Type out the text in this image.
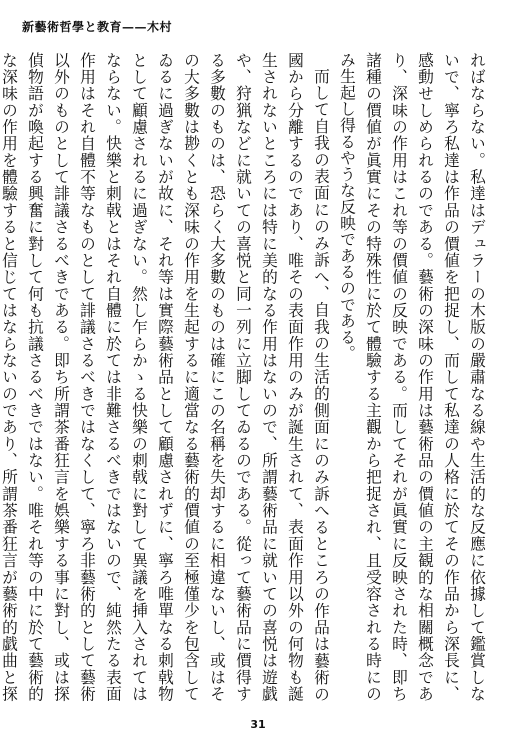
新藝術哲學と教育——木村

ればならない。私達はデュラーの木版の嚴肅なる線や生活的な反應に依據して鑑賞しないで、寧ろ私達は作品の價値を把捉し、而して私達の人格に於てその作品から深長に、感動せしめられるのである。藝術の深味の作用は藝術品の價値の主観的な相關概念であり、深味の作用はこれ等の價値の反映である。而してそれが眞實に反映された時、即ち諸種の價値が眞實にその特殊性に於て體驗する主觀から把捉され、且受容される時にのみ生起し得るやうな反映であるのである。

而して自我の表面にのみ訴へ、自我の生活的側面にのみ訴へるところの作品は藝術の國から分離するのであり、唯その表面作用のみが誕生されて、表面作用以外の何物も誕生されないところには特に美的なる作用はないので、所謂藝術品に就いての喜悦は遊戯や、狩猟などに就いての喜悦と同一列に立脚してゐるのである。從って藝術品に價得する多數のものは、恐らく大多數のものは確にこの名稱を失却するに相違ないし、或はその大多數は尠くとも深味の作用を生起するに適當なる藝術的價値の至極僅少を包含してゐるに過ぎないが故に、それ等は實際藝術品として顧慮されずに、寧ろ唯單なる刺戟物として顧慮されるに過ぎない。然し乍らかゝる快樂の刺戟に對して異議を挿入されてはならない。快樂と刺戟とはそれ自體に於ては非難さるべきではないので、純然たる表面作用はそれ自體不等なものとして誹議さるべきではなくして、寧ろ非藝術的として藝術以外のものとして誹議さるべきである。即ち所謂茶番狂言を娯樂する事に對し、或は探偵物語が喚起する興奮に對して何も抗議さるべきではない。唯それ等の中に於て藝術的な深味の作用を體驗すると信じてはならないのであり、所謂茶番狂言が藝術的戯曲と探

31
